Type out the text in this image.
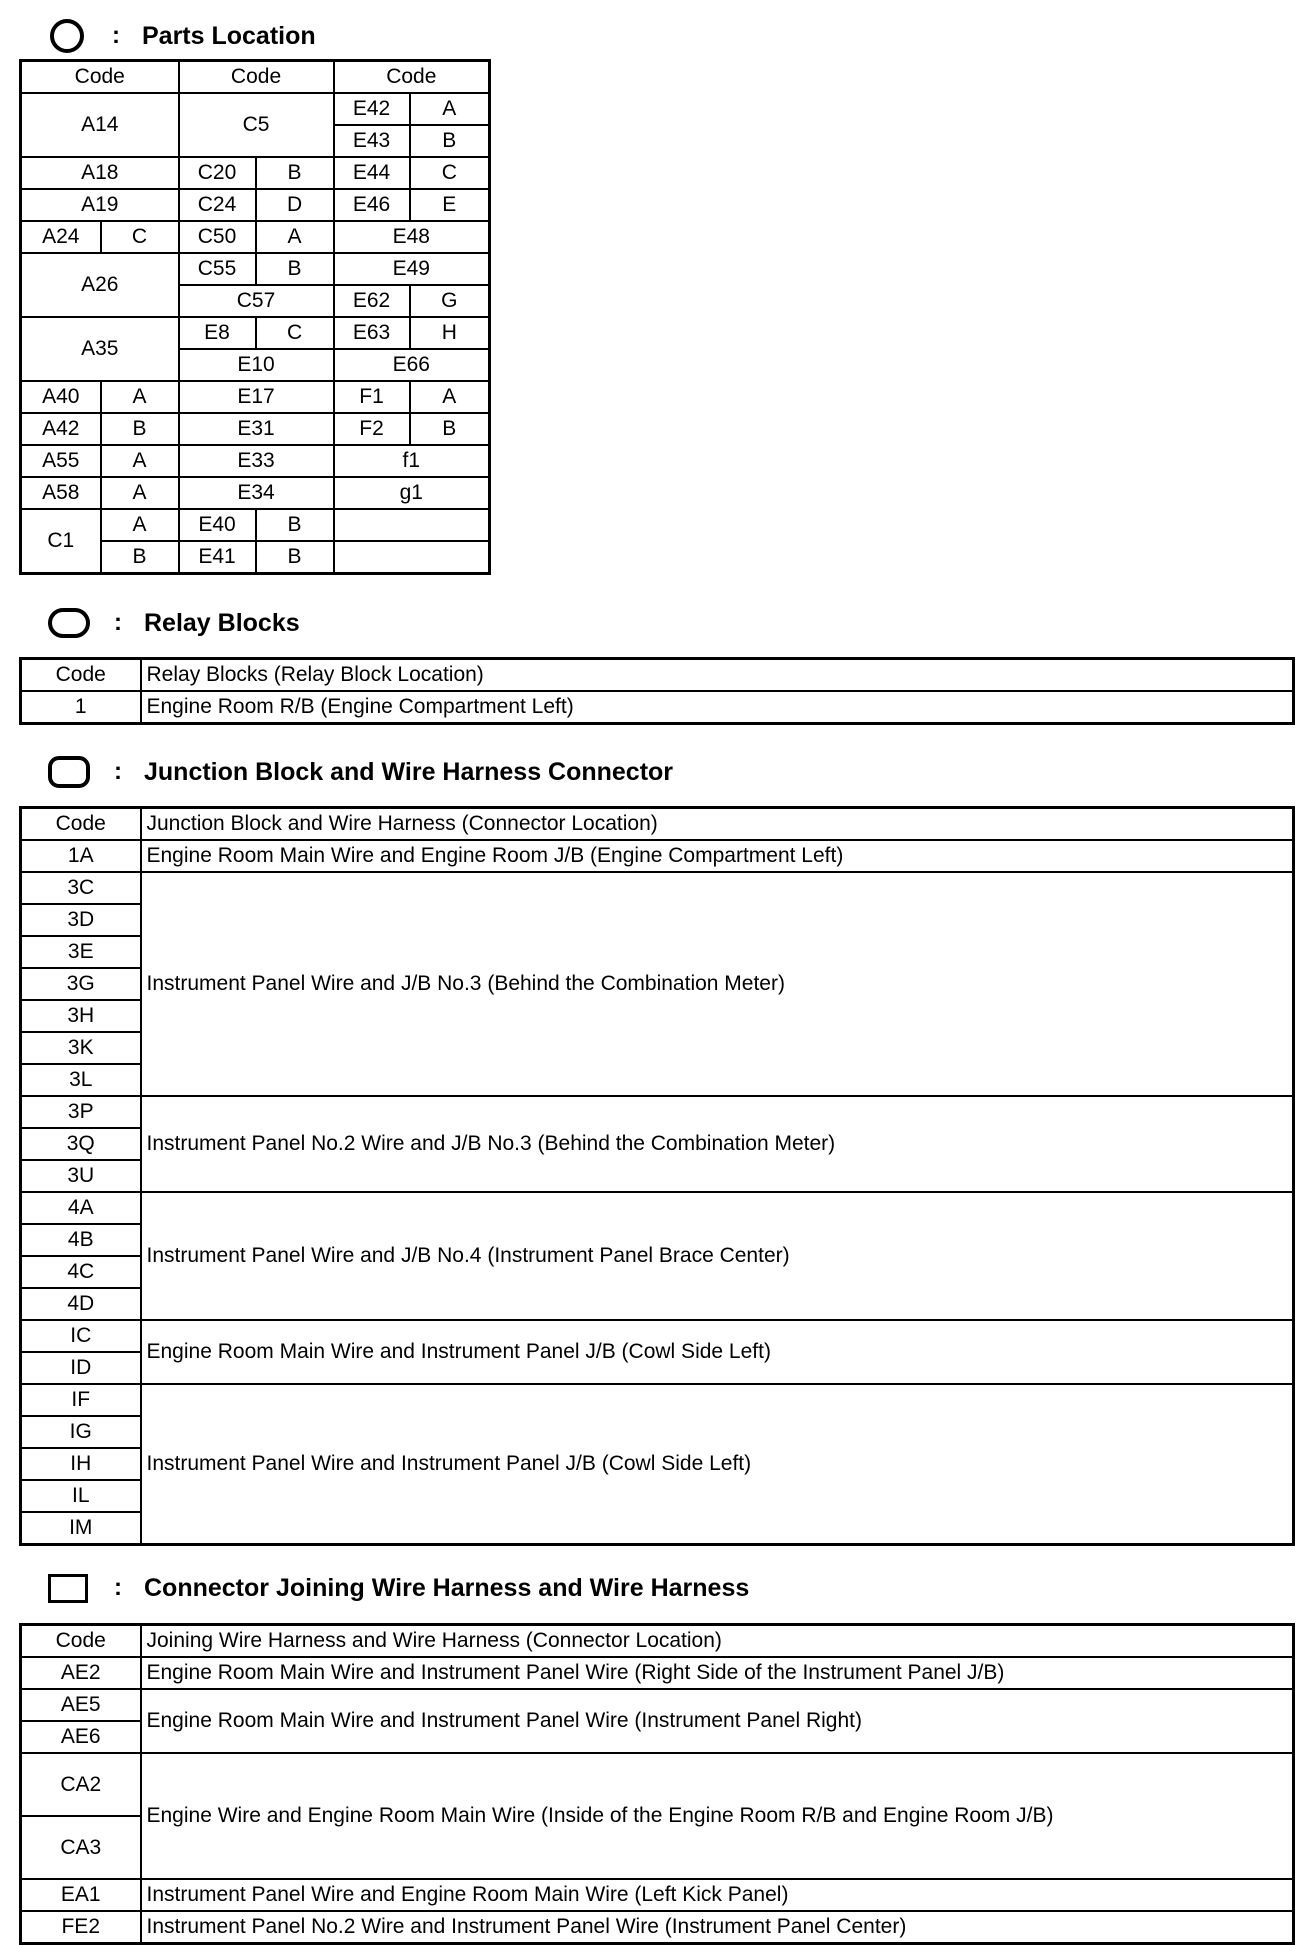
: Parts Location
Code		Code		Code	
A14		C5		E42	A
				E43	B
A18		C20	B	E44	C
A19		C24	D	E46	E
A24	C	C50	A	E48	
A26		C55	B	E49	
		C57		E62	G
A35		E8	C	E63	H
		E10		E66	
A40	A	E17		F1	A
A42	B	E31		F2	B
A55	A	E33		f1	
A58	A	E34		g1	
C1	A	E40	B		
	B	E41	B		
: Relay Blocks
Code	Relay Blocks (Relay Block Location)
1	Engine Room R/B (Engine Compartment Left)
: Junction Block and Wire Harness Connector
Code	Junction Block and Wire Harness (Connector Location)
1A	Engine Room Main Wire and Engine Room J/B (Engine Compartment Left)
3C	Instrument Panel Wire and J/B No.3 (Behind the Combination Meter)
3D	
3E	
3G	
3H	
3K	
3L	
3P	Instrument Panel No.2 Wire and J/B No.3 (Behind the Combination Meter)
3Q	
3U	
4A	Instrument Panel Wire and J/B No.4 (Instrument Panel Brace Center)
4B	
4C	
4D	
IC	Engine Room Main Wire and Instrument Panel J/B (Cowl Side Left)
ID	
IF	Instrument Panel Wire and Instrument Panel J/B (Cowl Side Left)
IG	
IH	
IL	
IM	
: Connector Joining Wire Harness and Wire Harness
Code	Joining Wire Harness and Wire Harness (Connector Location)
AE2	Engine Room Main Wire and Instrument Panel Wire (Right Side of the Instrument Panel J/B)
AE5	Engine Room Main Wire and Instrument Panel Wire (Instrument Panel Right)
AE6	
CA2	Engine Wire and Engine Room Main Wire (Inside of the Engine Room R/B and Engine Room J/B)
CA3	
EA1	Instrument Panel Wire and Engine Room Main Wire (Left Kick Panel)
FE2	Instrument Panel No.2 Wire and Instrument Panel Wire (Instrument Panel Center)
